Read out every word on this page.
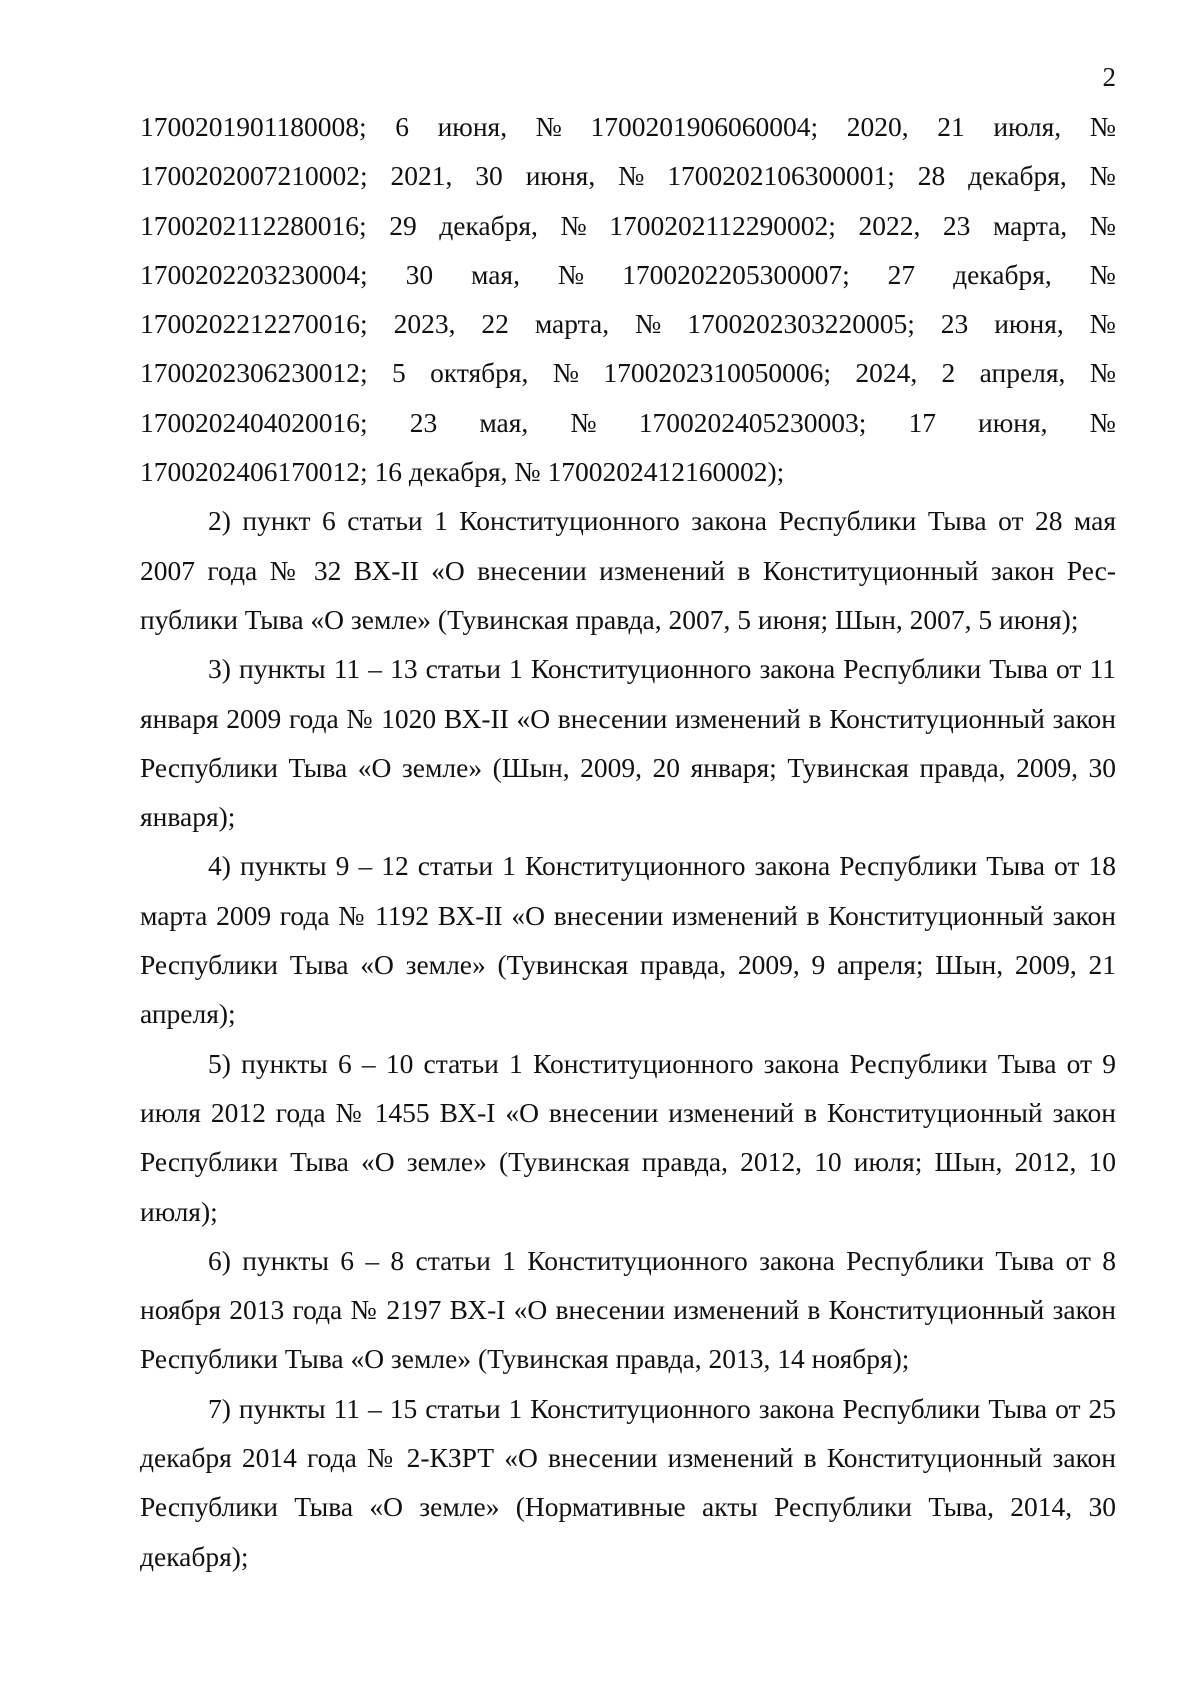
2
1700201901180008; 6 июня, № 1700201906060004; 2020, 21 июля, №
1700202007210002; 2021, 30 июня, № 1700202106300001; 28 декабря, №
1700202112280016; 29 декабря, № 1700202112290002; 2022, 23 марта, №
1700202203230004; 30 мая, № 1700202205300007; 27 декабря, №
1700202212270016; 2023, 22 марта, № 1700202303220005; 23 июня, №
1700202306230012; 5 октября, № 1700202310050006; 2024, 2 апреля, №
1700202404020016; 23 мая, № 1700202405230003; 17 июня, №

1700202406170012; 16 декабря, № 1700202412160002);

2) пункт 6 статьи 1 Конституционного закона Республики Тыва от 28 мая 2007 года № 32 ВХ-II «О внесении изменений в Конституционный закон Республики Тыва «О земле» (Тувинская правда, 2007, 5 июня; Шын, 2007, 5 июня);

3) пункты 11 – 13 статьи 1 Конституционного закона Республики Тыва от 11 января 2009 года № 1020 ВХ-II «О внесении изменений в Конституционный закон Республики Тыва «О земле» (Шын, 2009, 20 января; Тувинская правда, 2009, 30 января);

4) пункты 9 – 12 статьи 1 Конституционного закона Республики Тыва от 18 марта 2009 года № 1192 ВХ-II «О внесении изменений в Конституционный закон Республики Тыва «О земле» (Тувинская правда, 2009, 9 апреля; Шын, 2009, 21 апреля);

5) пункты 6 – 10 статьи 1 Конституционного закона Республики Тыва от 9 июля 2012 года № 1455 ВХ-I «О внесении изменений в Конституционный закон Республики Тыва «О земле» (Тувинская правда, 2012, 10 июля; Шын, 2012, 10 июля);

6) пункты 6 – 8 статьи 1 Конституционного закона Республики Тыва от 8 ноября 2013 года № 2197 ВХ-I «О внесении изменений в Конституционный закон Республики Тыва «О земле» (Тувинская правда, 2013, 14 ноября);

7) пункты 11 – 15 статьи 1 Конституционного закона Республики Тыва от 25 декабря 2014 года № 2-КЗРТ «О внесении изменений в Конституционный закон Республики Тыва «О земле» (Нормативные акты Республики Тыва, 2014, 30 декабря);
